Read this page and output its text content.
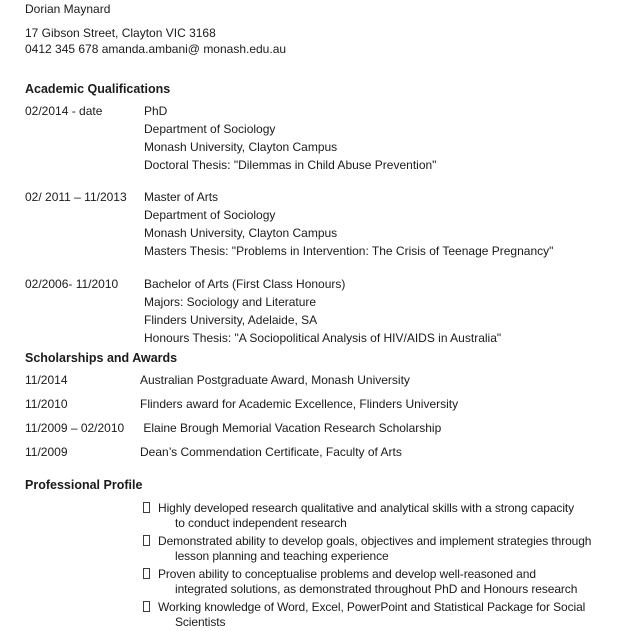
Dorian Maynard
17 Gibson Street, Clayton VIC 3168
0412 345 678 amanda.ambani@ monash.edu.au
Academic Qualifications
02/2014 - date	PhD
Department of Sociology
Monash University, Clayton Campus
Doctoral Thesis: "Dilemmas in Child Abuse Prevention"
02/ 2011 – 11/2013	Master of Arts
Department of Sociology
Monash University, Clayton Campus
Masters Thesis: "Problems in Intervention: The Crisis of Teenage Pregnancy"
02/2006- 11/2010	Bachelor of Arts (First Class Honours)
Majors: Sociology and Literature
Flinders University, Adelaide, SA
Honours Thesis: "A Sociopolitical Analysis of HIV/AIDS in Australia"
Scholarships and Awards
11/2014	Australian Postgraduate Award, Monash University
11/2010	Flinders award for Academic Excellence, Flinders University
11/2009 – 02/2010	Elaine Brough Memorial Vacation Research Scholarship
11/2009	Dean’s Commendation Certificate, Faculty of Arts
Professional Profile
Highly developed research qualitative and analytical skills with a strong capacity
to conduct independent research
Demonstrated ability to develop goals, objectives and implement strategies through
lesson planning and teaching experience
Proven ability to conceptualise problems and develop well-reasoned and
integrated solutions, as demonstrated throughout PhD and Honours research
Working knowledge of Word, Excel, PowerPoint and Statistical Package for Social
Scientists
